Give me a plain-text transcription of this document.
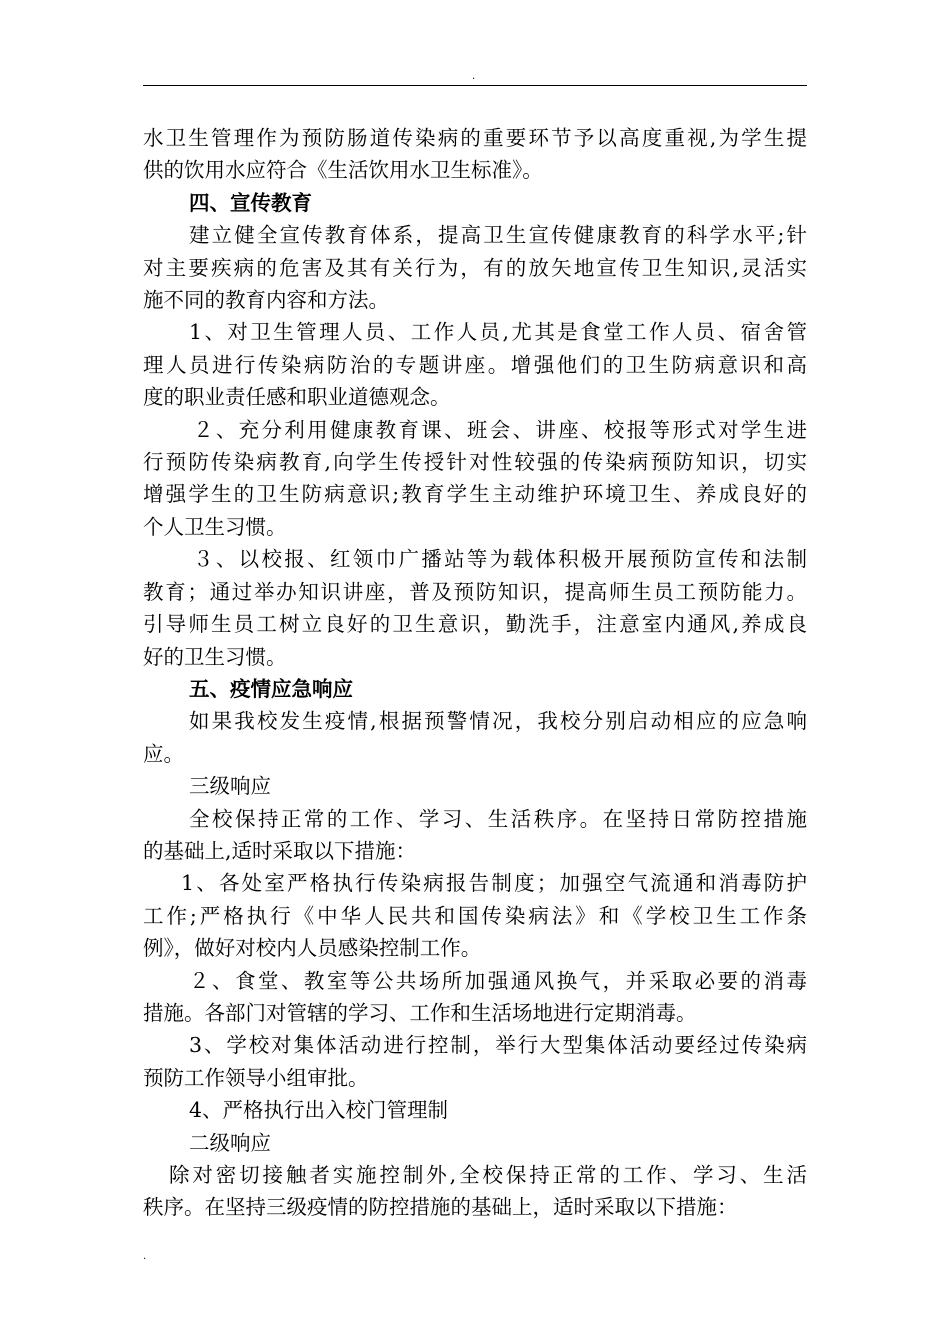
.

水卫生管理作为预防肠道传染病的重要环节予以高度重视,为学生提

供的饮用水应符合《生活饮用水卫生标准》。

四、宣传教育

建立健全宣传教育体系，提高卫生宣传健康教育的科学水平;针

对主要疾病的危害及其有关行为，有的放矢地宣传卫生知识,灵活实

施不同的教育内容和方法。

1、对卫生管理人员、工作人员,尤其是食堂工作人员、宿舍管

理人员进行传染病防治的专题讲座。增强他们的卫生防病意识和高

度的职业责任感和职业道德观念。

２、充分利用健康教育课、班会、讲座、校报等形式对学生进

行预防传染病教育,向学生传授针对性较强的传染病预防知识，切实

增强学生的卫生防病意识;教育学生主动维护环境卫生、养成良好的

个人卫生习惯。

３、以校报、红领巾广播站等为载体积极开展预防宣传和法制

教育；通过举办知识讲座，普及预防知识，提高师生员工预防能力。

引导师生员工树立良好的卫生意识，勤洗手，注意室内通风,养成良

好的卫生习惯。

五、疫情应急响应

如果我校发生疫情,根据预警情况，我校分别启动相应的应急响

应。

三级响应

全校保持正常的工作、学习、生活秩序。在坚持日常防控措施

的基础上,适时采取以下措施：

1、各处室严格执行传染病报告制度；加强空气流通和消毒防护

工作;严格执行《中华人民共和国传染病法》和《学校卫生工作条

例》，做好对校内人员感染控制工作。

２、食堂、教室等公共场所加强通风换气，并采取必要的消毒

措施。各部门对管辖的学习、工作和生活场地进行定期消毒。

3、学校对集体活动进行控制，举行大型集体活动要经过传染病

预防工作领导小组审批。

4、严格执行出入校门管理制

二级响应

除对密切接触者实施控制外,全校保持正常的工作、学习、生活

秩序。在坚持三级疫情的防控措施的基础上，适时采取以下措施：

.
